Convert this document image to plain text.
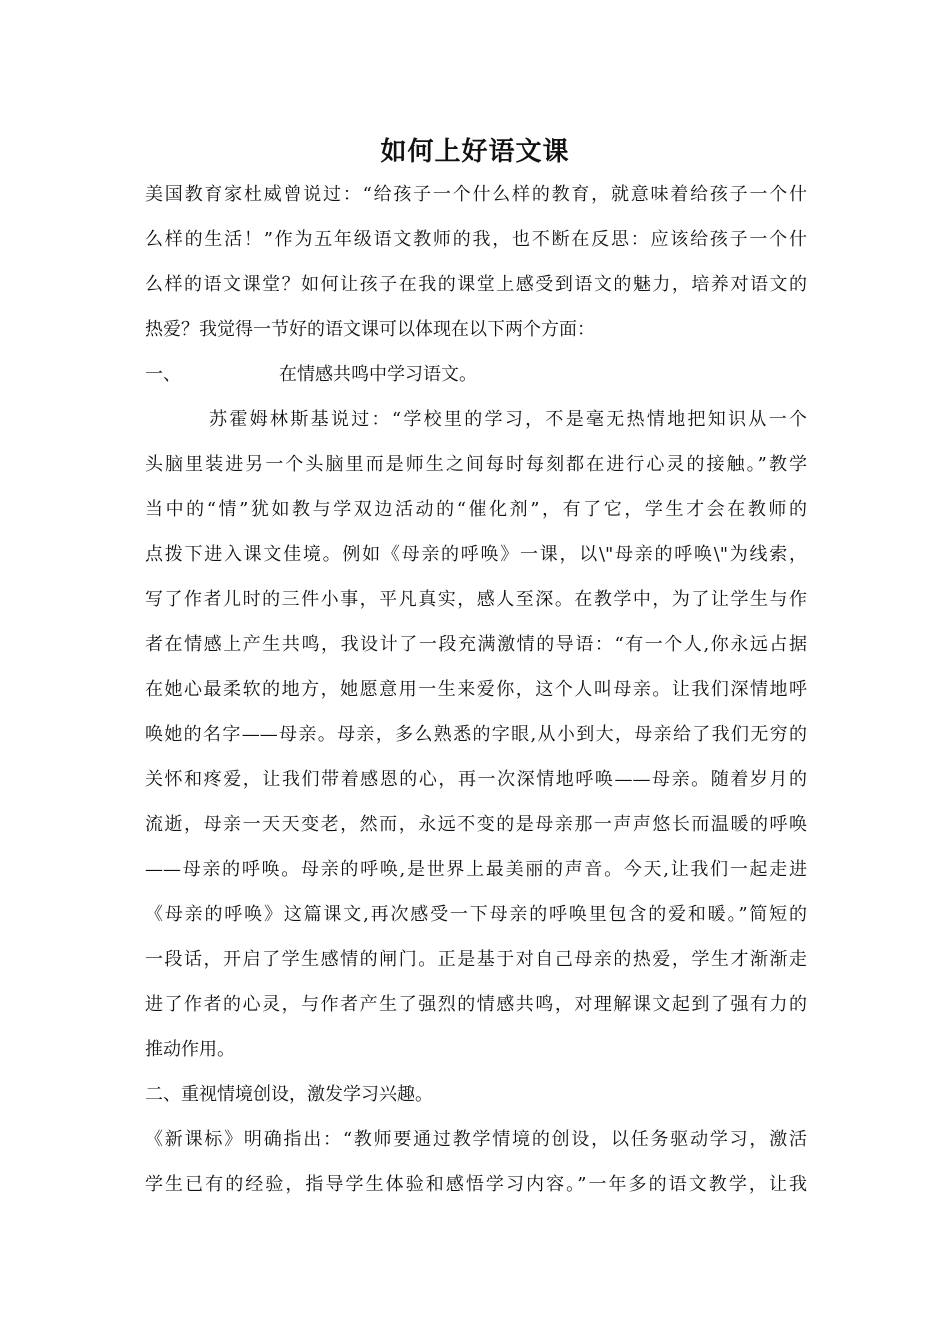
如何上好语文课
美国教育家杜威曾说过：“给孩子一个什么样的教育，就意味着给孩子一个什
么样的生活！”作为五年级语文教师的我，也不断在反思：应该给孩子一个什
么样的语文课堂？如何让孩子在我的课堂上感受到语文的魅力，培养对语文的
热爱？我觉得一节好的语文课可以体现在以下两个方面：
一、	在情感共鸣中学习语文。
苏霍姆林斯基说过：“学校里的学习，不是毫无热情地把知识从一个
头脑里装进另一个头脑里而是师生之间每时每刻都在进行心灵的接触。”教学
当中的“情”犹如教与学双边活动的“催化剂”，有了它，学生才会在教师的
点拨下进入课文佳境。例如《母亲的呼唤》一课，以\"母亲的呼唤\"为线索，
写了作者儿时的三件小事，平凡真实，感人至深。在教学中，为了让学生与作
者在情感上产生共鸣，我设计了一段充满激情的导语：“有一个人,你永远占据
在她心最柔软的地方，她愿意用一生来爱你，这个人叫母亲。让我们深情地呼
唤她的名字——母亲。母亲，多么熟悉的字眼,从小到大，母亲给了我们无穷的
关怀和疼爱，让我们带着感恩的心，再一次深情地呼唤——母亲。随着岁月的
流逝，母亲一天天变老，然而，永远不变的是母亲那一声声悠长而温暖的呼唤
——母亲的呼唤。母亲的呼唤,是世界上最美丽的声音。今天,让我们一起走进
《母亲的呼唤》这篇课文,再次感受一下母亲的呼唤里包含的爱和暖。”简短的
一段话，开启了学生感情的闸门。正是基于对自己母亲的热爱，学生才渐渐走
进了作者的心灵，与作者产生了强烈的情感共鸣，对理解课文起到了强有力的
推动作用。
二、重视情境创设，激发学习兴趣。
《新课标》明确指出：“教师要通过教学情境的创设，以任务驱动学习，激活
学生已有的经验，指导学生体验和感悟学习内容。”一年多的语文教学，让我
